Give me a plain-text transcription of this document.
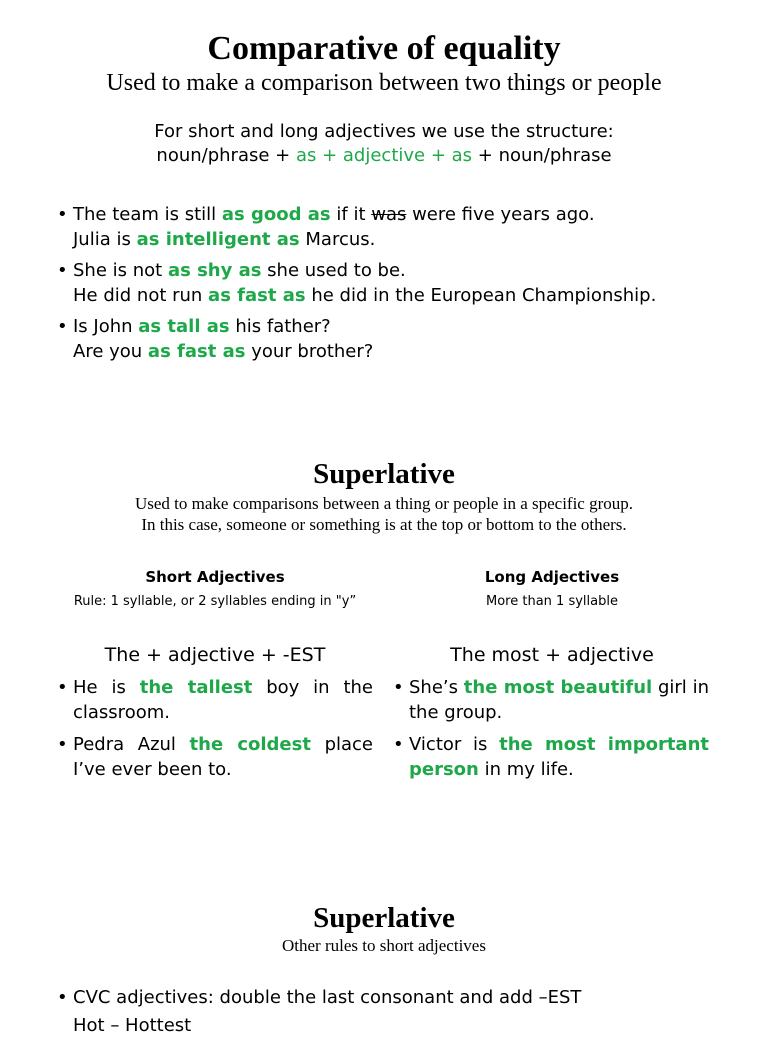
Comparative of equality
Used to make a comparison between two things or people
For short and long adjectives we use the structure:
noun/phrase + as + adjective + as + noun/phrase
• The team is still as good as if it was were five years ago.
Julia is as intelligent as Marcus.
• She is not as shy as she used to be.
He did not run as fast as he did in the European Championship.
• Is John as tall as his father?
Are you as fast as your brother?
Superlative
Used to make comparisons between a thing or people in a specific group.
In this case, someone or something is at the top or bottom to the others.
Short Adjectives
Rule: 1 syllable, or 2 syllables ending in "y”
The + adjective + -EST
• He is the tallest boy in the classroom.
• Pedra Azul the coldest place I’ve ever been to.
Long Adjectives
More than 1 syllable
The most + adjective
• She’s the most beautiful girl in the group.
• Victor is the most important person in my life.
Superlative
Other rules to short adjectives
• CVC adjectives: double the last consonant and add –EST
Hot – Hottest
